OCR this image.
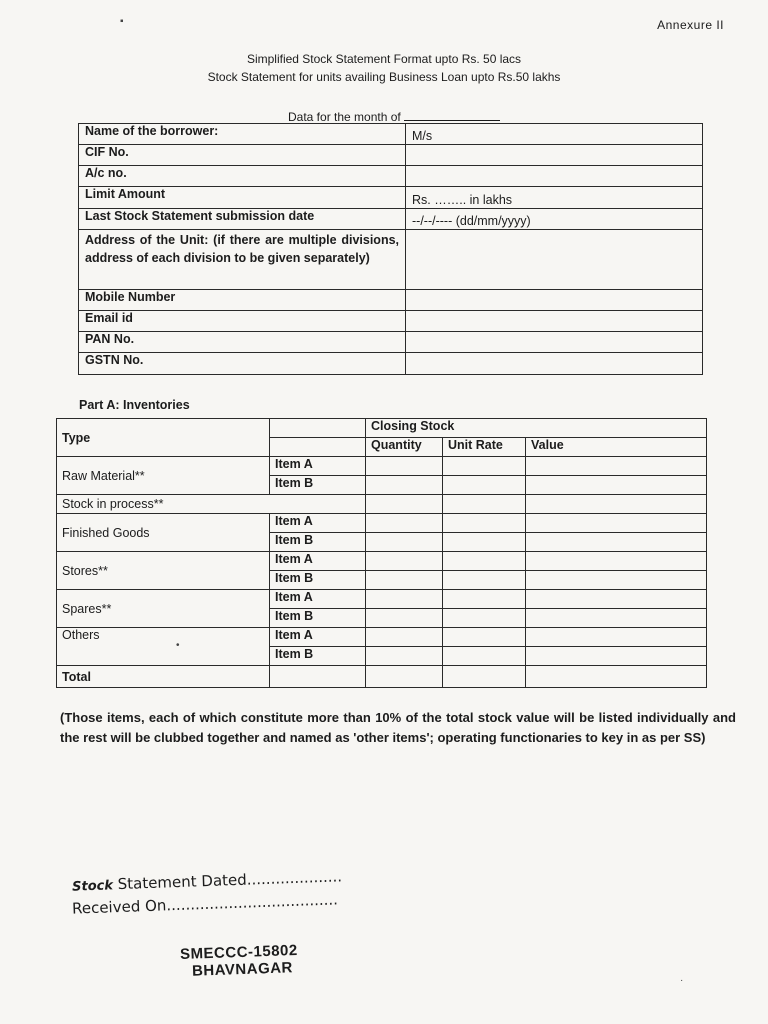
Annexure II
Simplified Stock Statement Format upto Rs. 50 lacs
Stock Statement for units availing Business Loan upto Rs.50 lakhs
Data for the month of
Name of the borrower:	M/s
CIF No.	
A/c no.	
Limit Amount	Rs. …….. in lakhs
Last Stock Statement submission date	--/--/---- (dd/mm/yyyy)
Address of the Unit: (if there are multiple divisions, address of each division to be given separately)	
Mobile Number	
Email id	
PAN No.	
GSTN No.	
Part A: Inventories
Type		Closing Stock		
		Quantity	Unit Rate	Value
Raw Material**	Item A			
	Item B			
Stock in process**				
Finished Goods	Item A			
	Item B			
Stores**	Item A			
	Item B			
Spares**	Item A			
	Item B			
Others	Item A			
	Item B			
Total				
(Those items, each of which constitute more than 10% of the total stock value will be listed individually and the rest will be clubbed together and named as 'other items'; operating functionaries to key in as per SS)
Stock Statement Dated....................
Received On....................................
SMECCC-15802
BHAVNAGAR
▪
•
·
